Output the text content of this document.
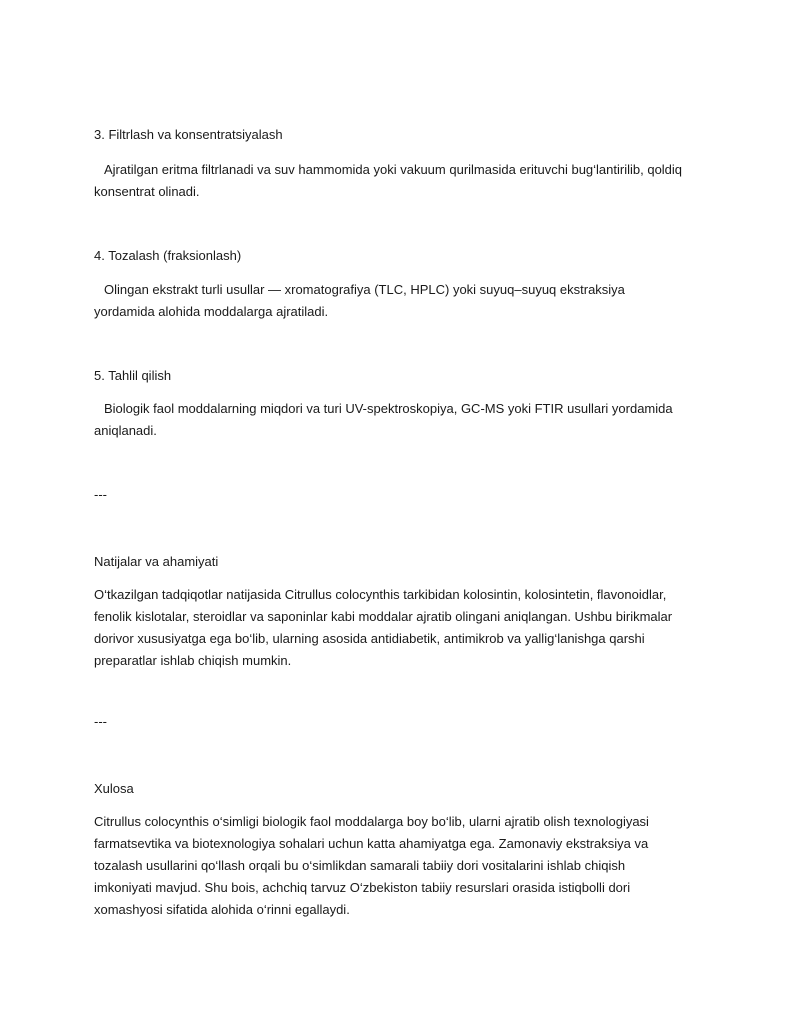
3. Filtrlash va konsentratsiyalash

Ajratilgan eritma filtrlanadi va suv hammomida yoki vakuum qurilmasida erituvchi bug‘lantirilib, qoldiq konsentrat olinadi.

4. Tozalash (fraksionlash)

Olingan ekstrakt turli usullar — xromatografiya (TLC, HPLC) yoki suyuq–suyuq ekstraksiya yordamida alohida moddalarga ajratiladi.

5. Tahlil qilish

Biologik faol moddalarning miqdori va turi UV-spektroskopiya, GC-MS yoki FTIR usullari yordamida aniqlanadi.

---
Natijalar va ahamiyati

O‘tkazilgan tadqiqotlar natijasida Citrullus colocynthis tarkibidan kolosintin, kolosintetin, flavonoidlar, fenolik kislotalar, steroidlar va saponinlar kabi moddalar ajratib olingani aniqlangan. Ushbu birikmalar dorivor xususiyatga ega bo‘lib, ularning asosida antidiabetik, antimikrob va yallig‘lanishga qarshi preparatlar ishlab chiqish mumkin.

---
Xulosa

Citrullus colocynthis o‘simligi biologik faol moddalarga boy bo‘lib, ularni ajratib olish texnologiyasi farmatsevtika va biotexnologiya sohalari uchun katta ahamiyatga ega. Zamonaviy ekstraksiya va tozalash usullarini qo‘llash orqali bu o‘simlikdan samarali tabiiy dori vositalarini ishlab chiqish imkoniyati mavjud. Shu bois, achchiq tarvuz O‘zbekiston tabiiy resurslari orasida istiqbolli dori xomashyosi sifatida alohida o‘rinni egallaydi.
